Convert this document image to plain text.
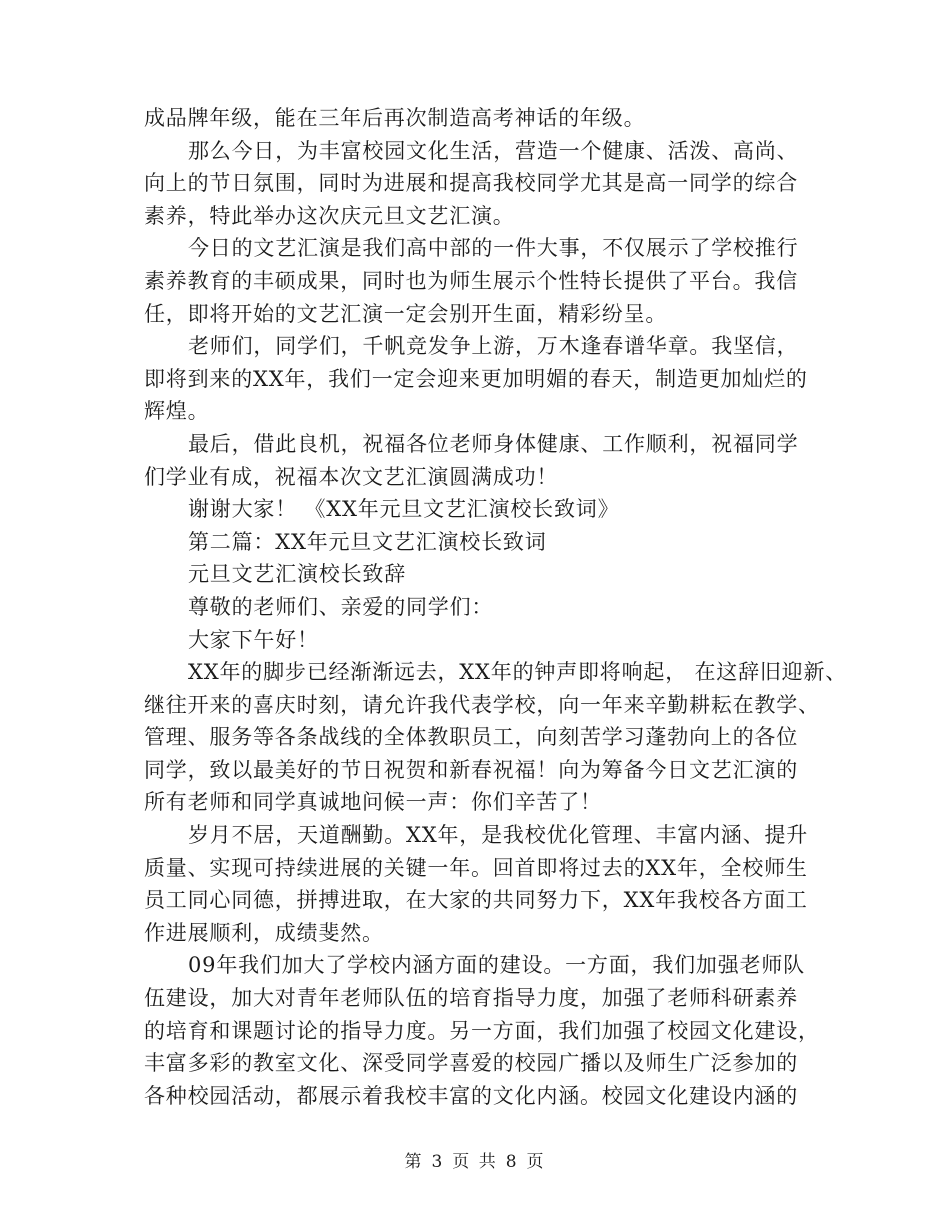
成品牌年级，能在三年后再次制造高考神话的年级。
那么今日，为丰富校园文化生活，营造一个健康、活泼、高尚、
向上的节日氛围，同时为进展和提高我校同学尤其是高一同学的综合
素养，特此举办这次庆元旦文艺汇演。
今日的文艺汇演是我们高中部的一件大事，不仅展示了学校推行
素养教育的丰硕成果，同时也为师生展示个性特长提供了平台。我信
任，即将开始的文艺汇演一定会别开生面，精彩纷呈。
老师们，同学们，千帆竞发争上游，万木逢春谱华章。我坚信，
即将到来的XX年，我们一定会迎来更加明媚的春天，制造更加灿烂的
辉煌。
最后，借此良机，祝福各位老师身体健康、工作顺利，祝福同学
们学业有成，祝福本次文艺汇演圆满成功！
谢谢大家！ 《XX年元旦文艺汇演校长致词》
第二篇：XX年元旦文艺汇演校长致词
元旦文艺汇演校长致辞
尊敬的老师们、亲爱的同学们：
大家下午好！
XX年的脚步已经渐渐远去，XX年的钟声即将响起， 在这辞旧迎新、
继往开来的喜庆时刻，请允许我代表学校，向一年来辛勤耕耘在教学、
管理、服务等各条战线的全体教职员工，向刻苦学习蓬勃向上的各位
同学，致以最美好的节日祝贺和新春祝福！向为筹备今日文艺汇演的
所有老师和同学真诚地问候一声：你们辛苦了！
岁月不居，天道酬勤。XX年，是我校优化管理、丰富内涵、提升
质量、实现可持续进展的关键一年。回首即将过去的XX年，全校师生
员工同心同德，拼搏进取，在大家的共同努力下，XX年我校各方面工
作进展顺利，成绩斐然。
09年我们加大了学校内涵方面的建设。一方面，我们加强老师队
伍建设，加大对青年老师队伍的培育指导力度，加强了老师科研素养
的培育和课题讨论的指导力度。另一方面，我们加强了校园文化建设，
丰富多彩的教室文化、深受同学喜爱的校园广播以及师生广泛参加的
各种校园活动，都展示着我校丰富的文化内涵。校园文化建设内涵的
第 3 页 共 8 页
